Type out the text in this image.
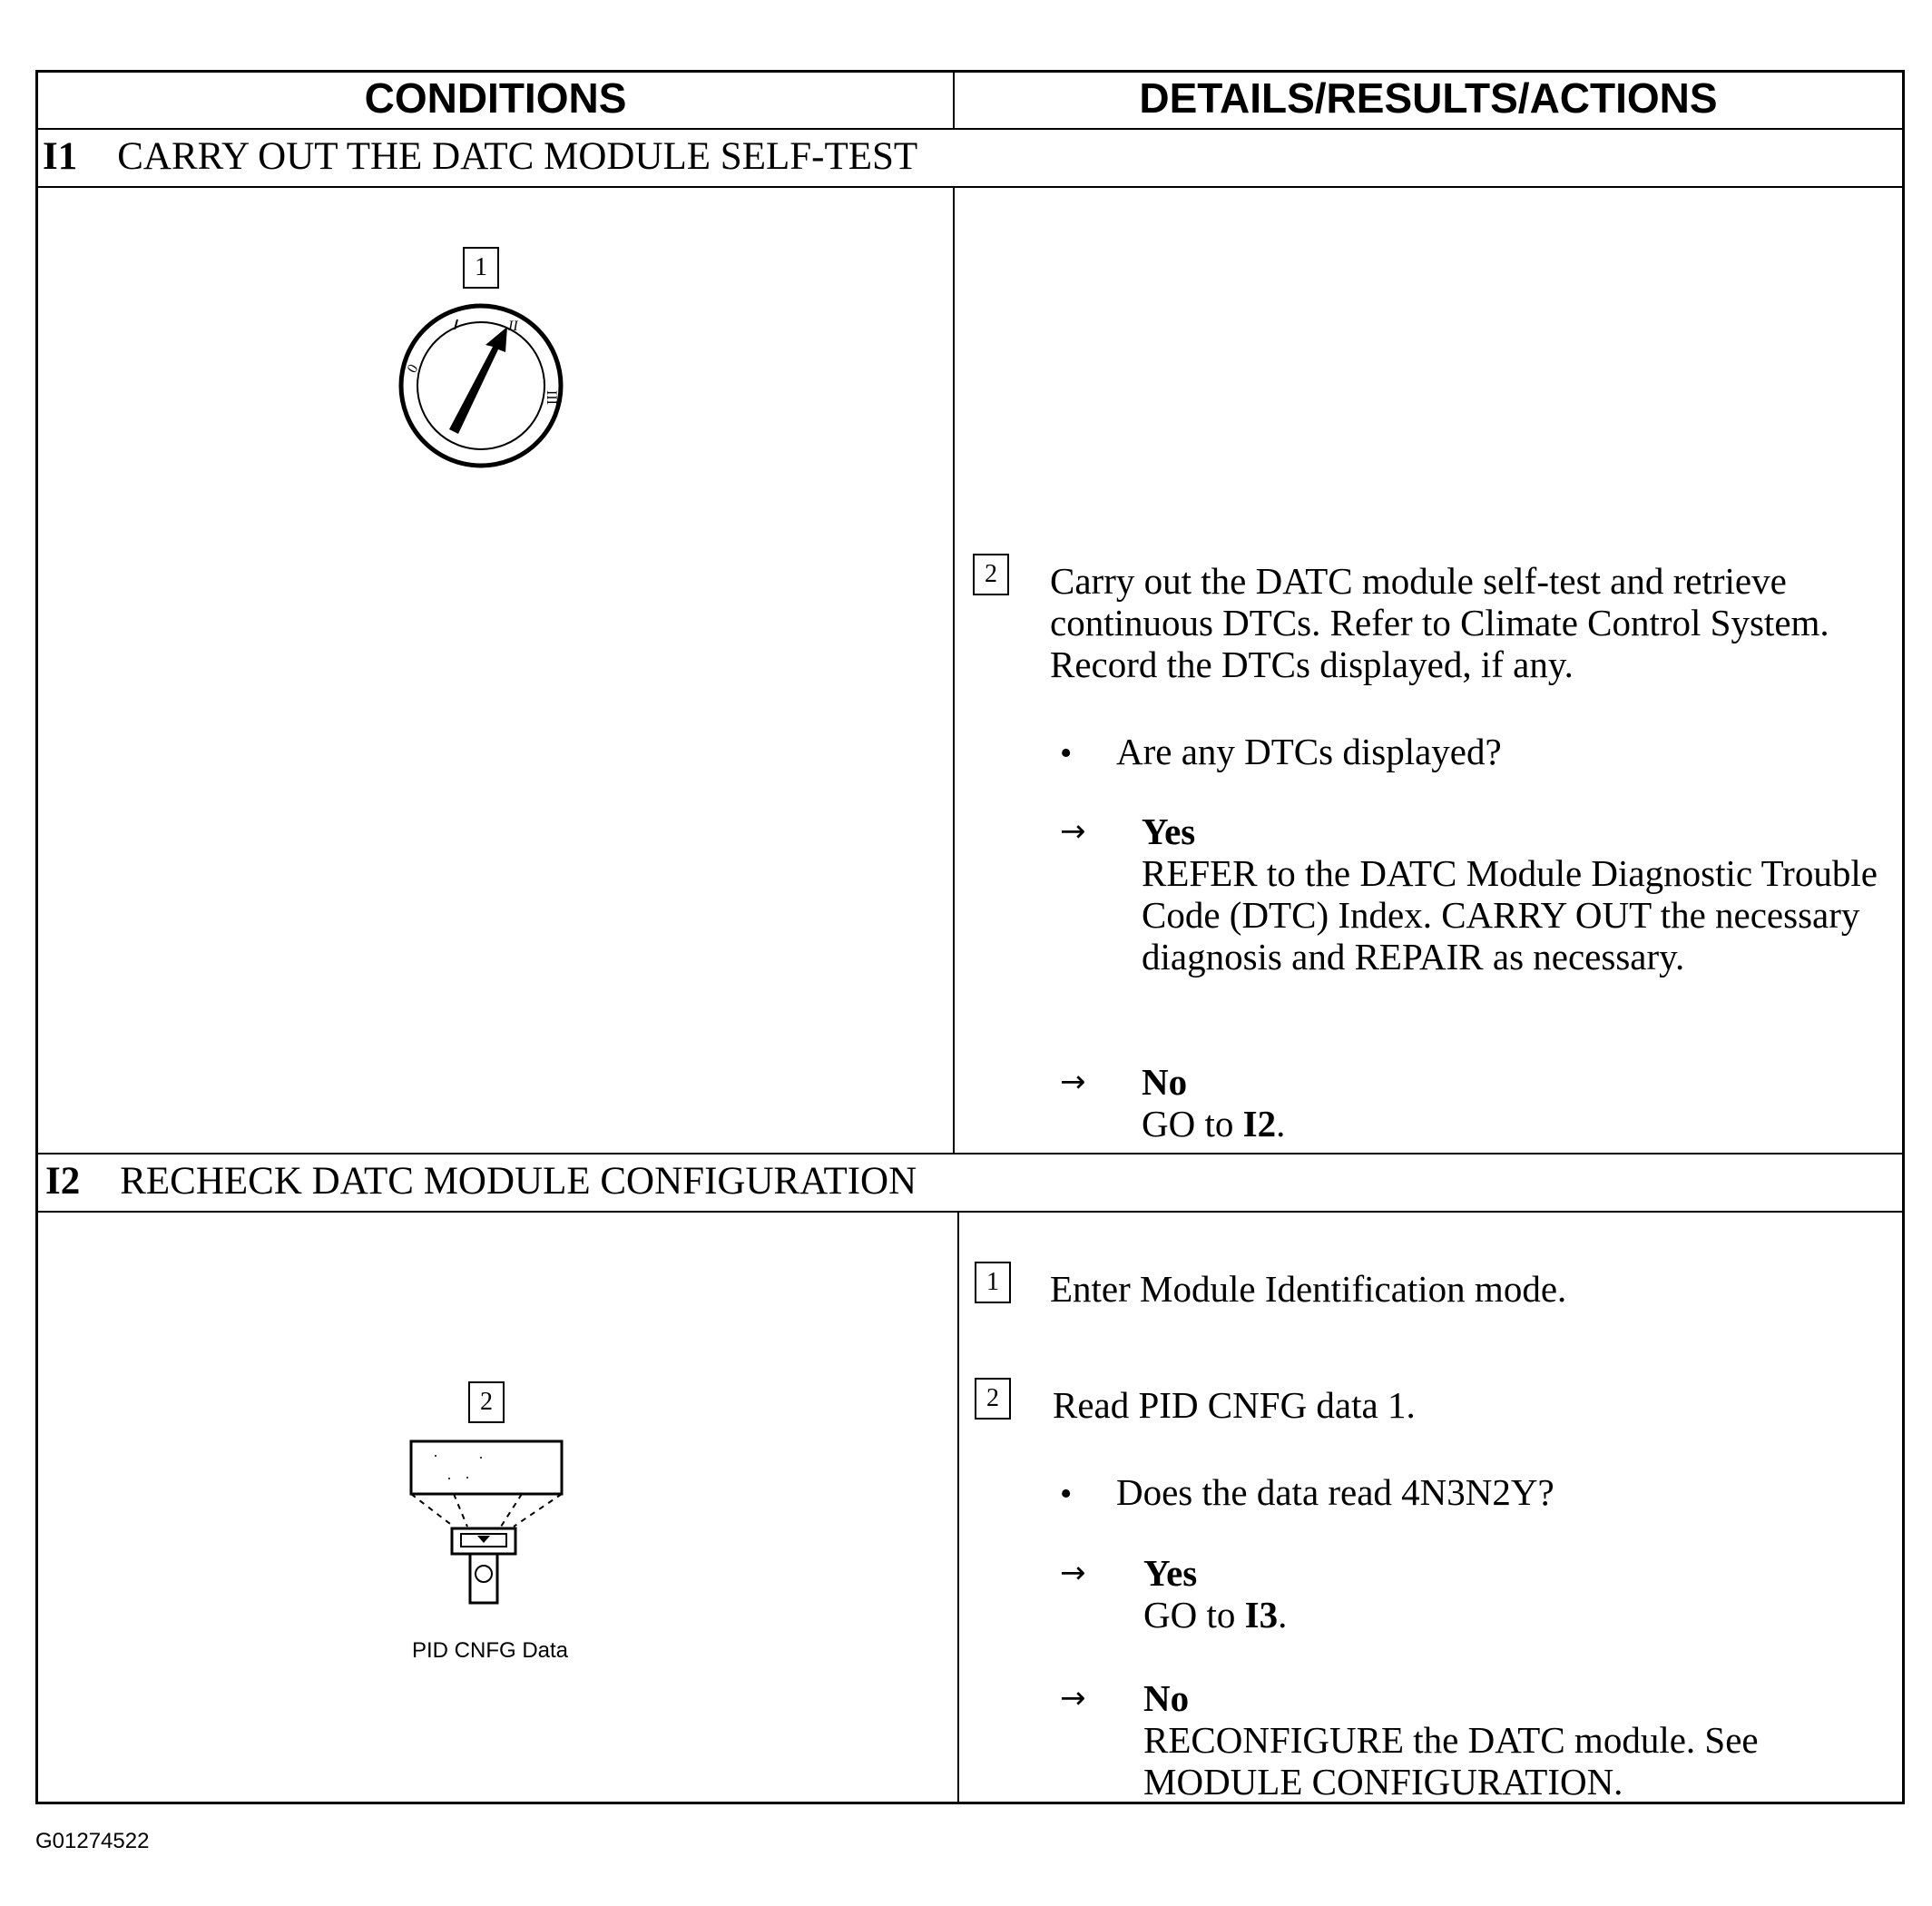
CONDITIONS	DETAILS/RESULTS/ACTIONS
I1 CARRY OUT THE DATC MODULE SELF-TEST
1
0
II
III
2	Carry out the DATC module self-test and retrieve continuous DTCs. Refer to Climate Control System. Record the DTCs displayed, if any.
• Are any DTCs displayed?
→ Yes
REFER to the DATC Module Diagnostic Trouble Code (DTC) Index. CARRY OUT the necessary diagnosis and REPAIR as necessary.
→ No
GO to I2.
I2 RECHECK DATC MODULE CONFIGURATION
2
PID CNFG Data
1	Enter Module Identification mode.
2	Read PID CNFG data 1.
• Does the data read 4N3N2Y?
→ Yes
GO to I3.
→ No
RECONFIGURE the DATC module. See MODULE CONFIGURATION.
G01274522
